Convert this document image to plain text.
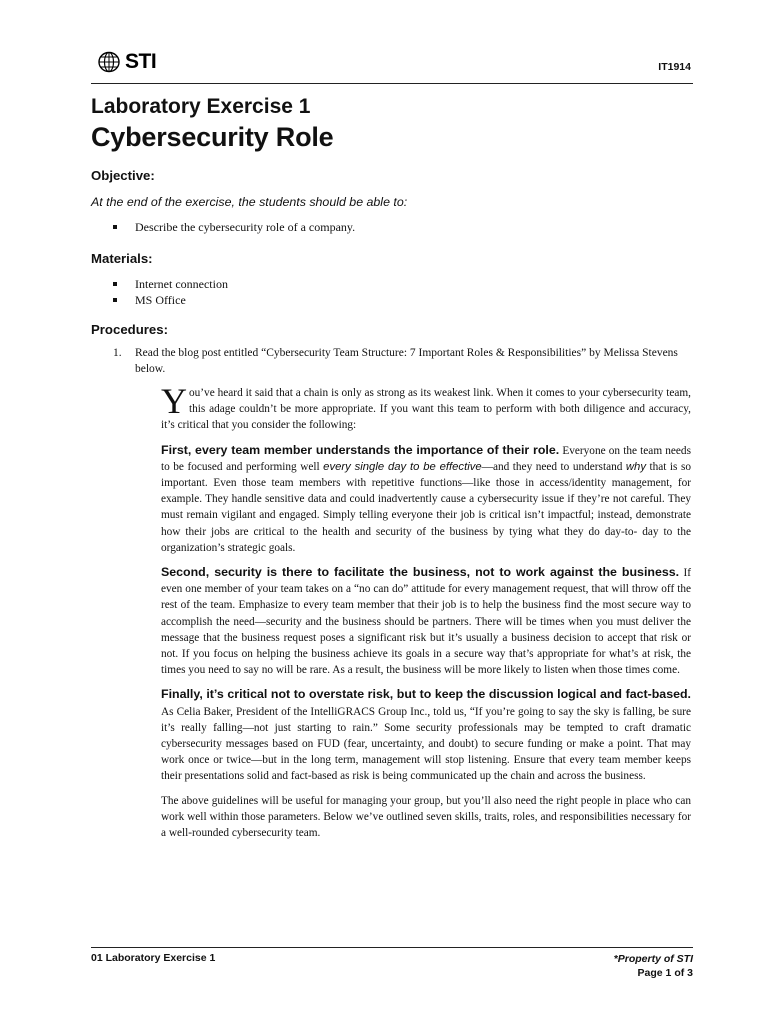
STI	IT1914
Laboratory Exercise 1
Cybersecurity Role
Objective:

At the end of the exercise, the students should be able to:

Describe the cybersecurity role of a company.
Materials:
Internet connection
MS Office
Procedures:
1. Read the blog post entitled “Cybersecurity Team Structure: 7 Important Roles & Responsibilities” by Melissa Stevens below.

You’ve heard it said that a chain is only as strong as its weakest link. When it comes to your cybersecurity team, this adage couldn’t be more appropriate. If you want this team to perform with both diligence and accuracy, it’s critical that you consider the following:

First, every team member understands the importance of their role. Everyone on the team needs to be focused and performing well every single day to be effective—and they need to understand why that is so important. Even those team members with repetitive functions—like those in access/identity management, for example. They handle sensitive data and could inadvertently cause a cybersecurity issue if they’re not careful. They must remain vigilant and engaged. Simply telling everyone their job is critical isn’t impactful; instead, demonstrate how their jobs are critical to the health and security of the business by tying what they do day-to- day to the organization’s strategic goals.

Second, security is there to facilitate the business, not to work against the business. If even one member of your team takes on a “no can do” attitude for every management request, that will throw off the rest of the team. Emphasize to every team member that their job is to help the business find the most secure way to accomplish the need—security and the business should be partners. There will be times when you must deliver the message that the business request poses a significant risk but it’s usually a business decision to accept that risk or not. If you focus on helping the business achieve its goals in a secure way that’s appropriate for what’s at risk, the times you need to say no will be rare. As a result, the business will be more likely to listen when those times come.

Finally, it’s critical not to overstate risk, but to keep the discussion logical and fact-based. As Celia Baker, President of the IntelliGRACS Group Inc., told us, “If you’re going to say the sky is falling, be sure it’s really falling—not just starting to rain.” Some security professionals may be tempted to craft dramatic cybersecurity messages based on FUD (fear, uncertainty, and doubt) to secure funding or make a point. That may work once or twice—but in the long term, management will stop listening. Ensure that every team member keeps their presentations solid and fact-based as risk is being communicated up the chain and across the business.

The above guidelines will be useful for managing your group, but you’ll also need the right people in place who can work well within those parameters. Below we’ve outlined seven skills, traits, roles, and responsibilities necessary for a well-rounded cybersecurity team.

01 Laboratory Exercise 1	*Property of STI
Page 1 of 3
